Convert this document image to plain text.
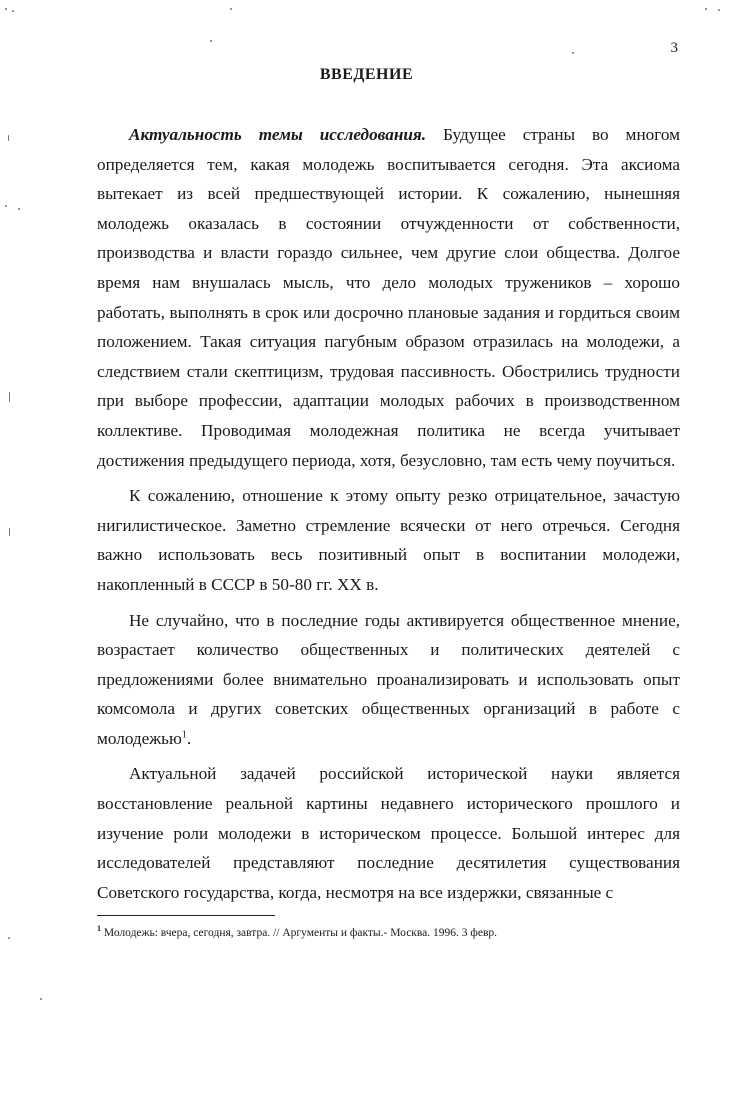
3
ВВЕДЕНИЕ

Актуальность темы исследования. Будущее страны во многом определяется тем, какая молодежь воспитывается сегодня. Эта аксиома вытекает из всей предшествующей истории. К сожалению, нынешняя молодежь оказалась в состоянии отчужденности от собственности, производства и власти гораздо сильнее, чем другие слои общества. Долгое время нам внушалась мысль, что дело молодых тружеников – хорошо работать, выполнять в срок или досрочно плановые задания и гордиться своим положением. Такая ситуация пагубным образом отразилась на молодежи, а следствием стали скептицизм, трудовая пассивность. Обострились трудности при выборе профессии, адаптации молодых рабочих в производственном коллективе. Проводимая молодежная политика не всегда учитывает достижения предыдущего периода, хотя, безусловно, там есть чему поучиться.

К сожалению, отношение к этому опыту резко отрицательное, зачастую нигилистическое. Заметно стремление всячески от него отречься. Сегодня важно использовать весь позитивный опыт в воспитании молодежи, накопленный в СССР в 50-80 гг. XX в.

Не случайно, что в последние годы активируется общественное мнение, возрастает количество общественных и политических деятелей с предложениями более внимательно проанализировать и использовать опыт комсомола и других советских общественных организаций в работе с молодежью$^1$.

Актуальной задачей российской исторической науки является восстановление реальной картины недавнего исторического прошлого и изучение роли молодежи в историческом процессе. Большой интерес для исследователей представляют последние десятилетия существования Советского государства, когда, несмотря на все издержки, связанные с

$^1$ Молодежь: вчера, сегодня, завтра. // Аргументы и факты.- Москва. 1996. 3 февр.
